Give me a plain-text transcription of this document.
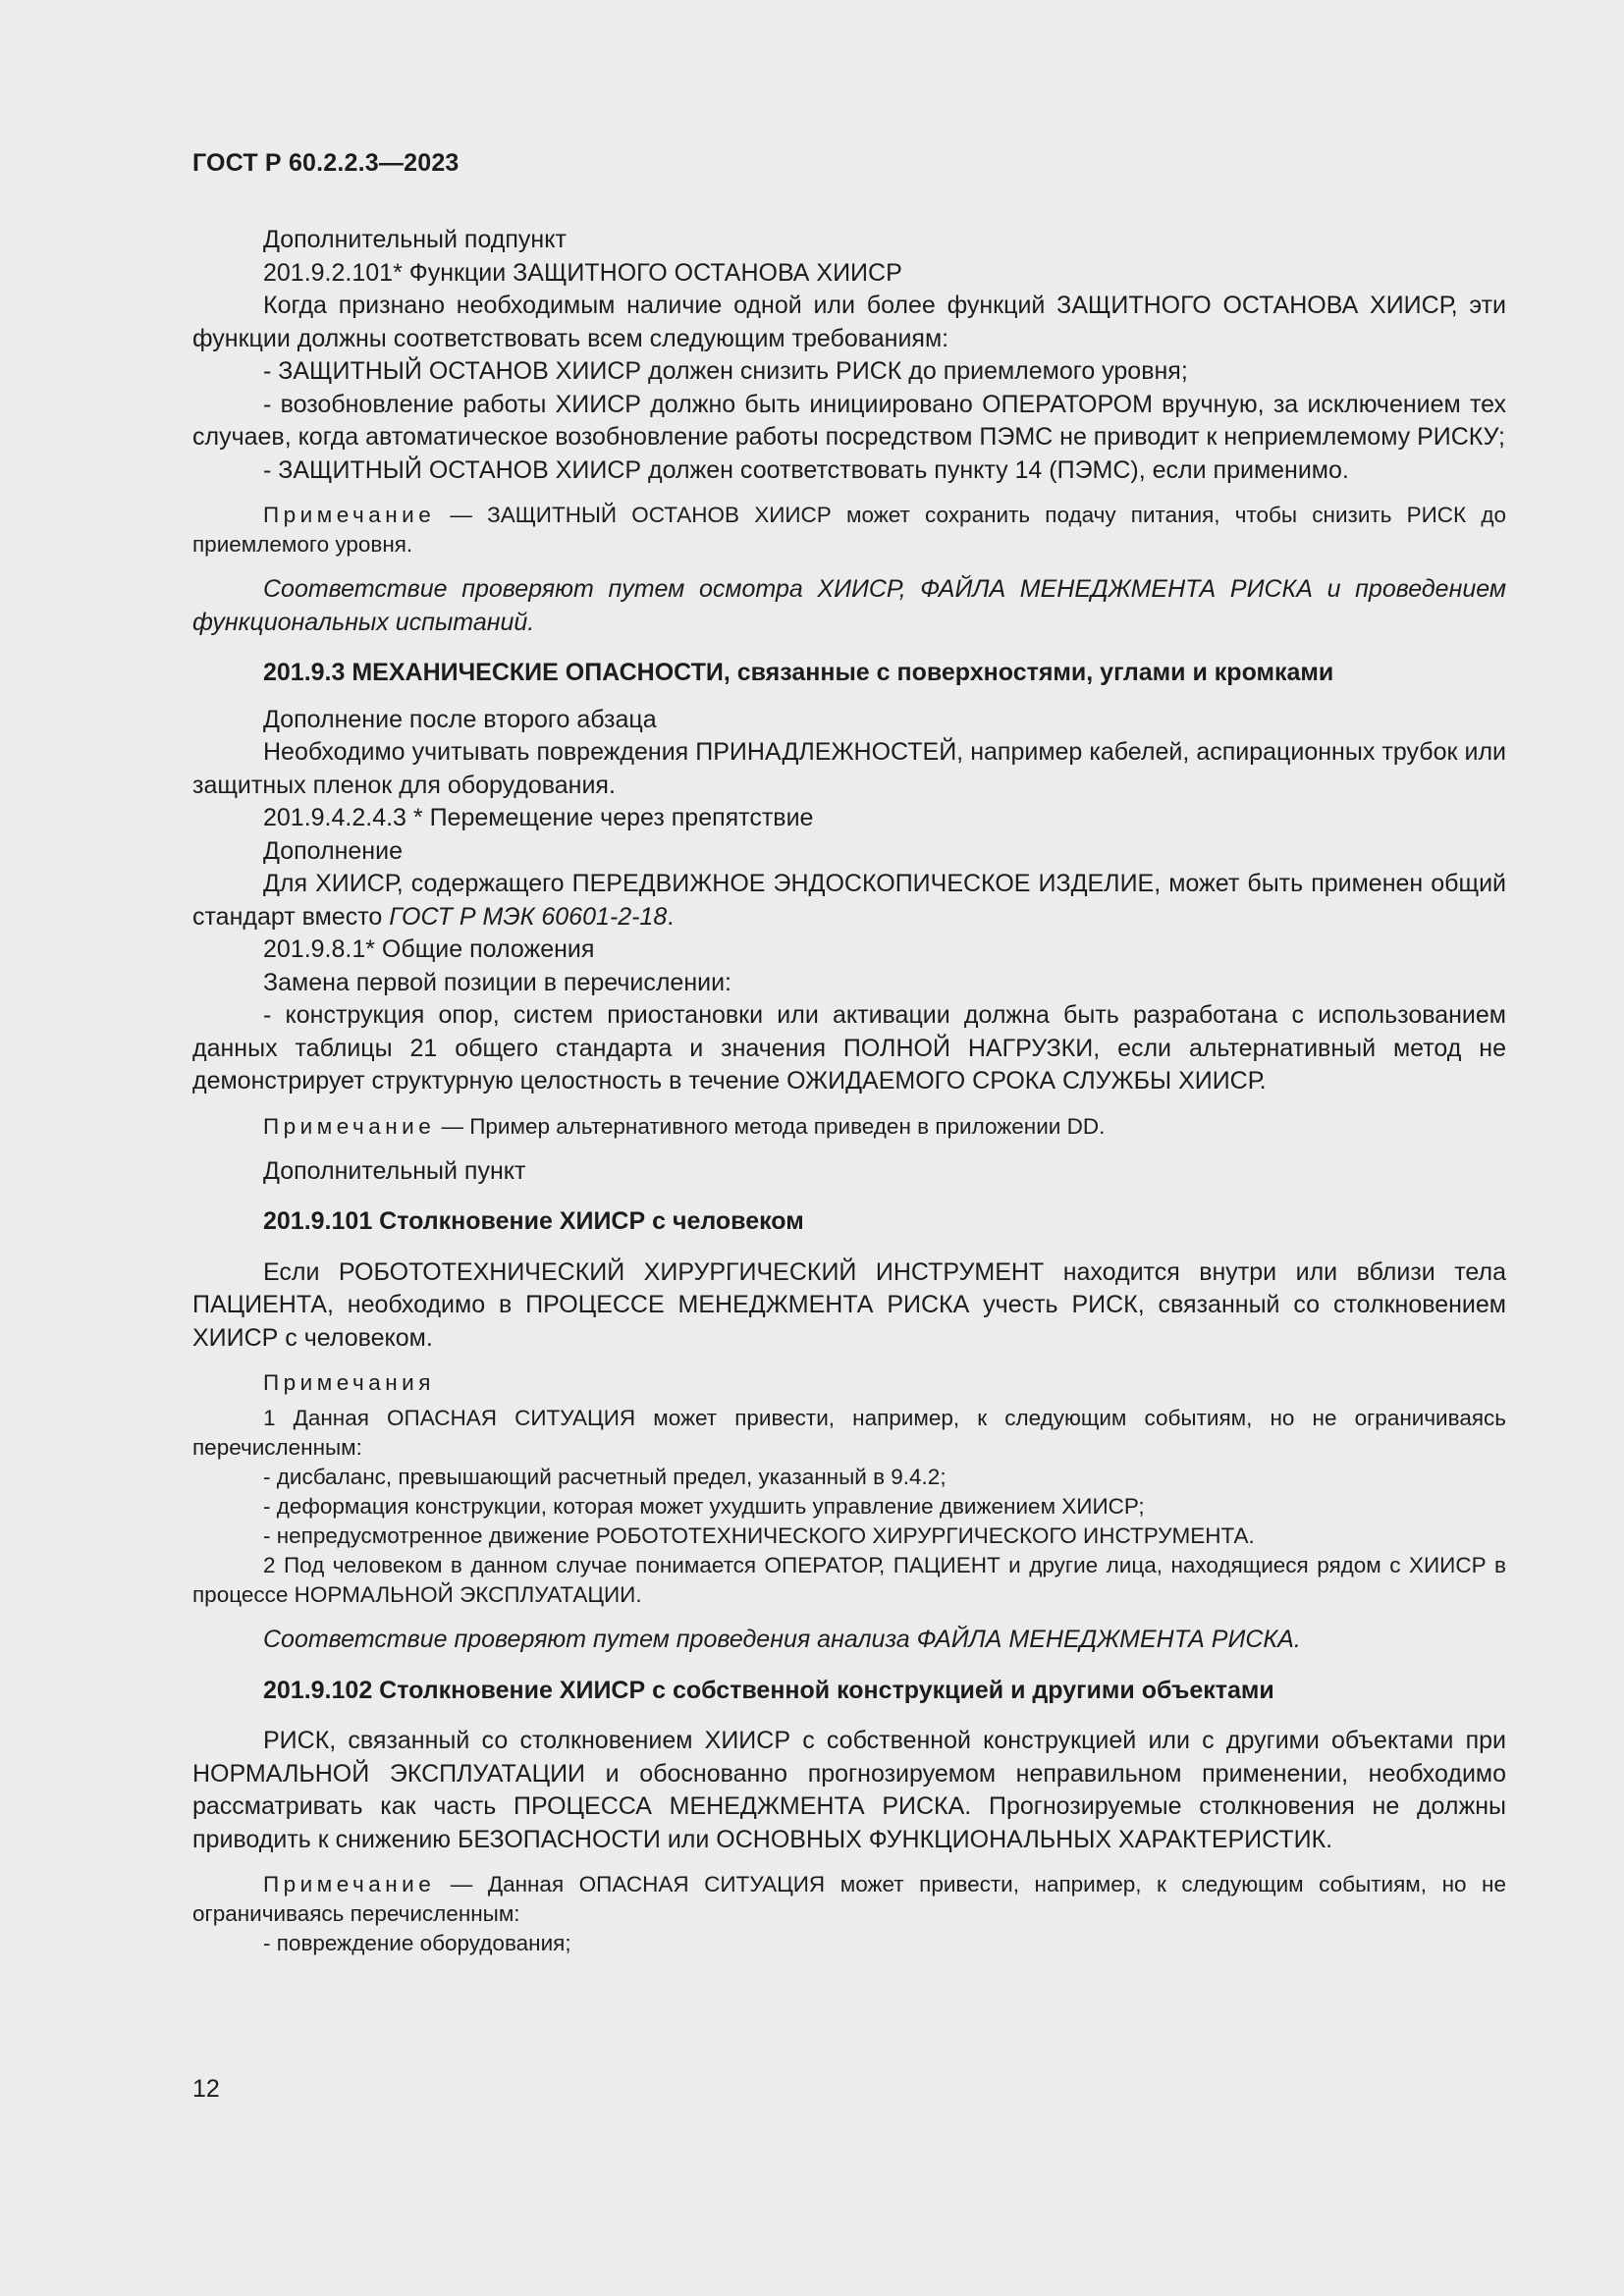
ГОСТ Р 60.2.2.3—2023

Дополнительный подпункт

201.9.2.101* Функции ЗАЩИТНОГО ОСТАНОВА ХИИСР

Когда признано необходимым наличие одной или более функций ЗАЩИТНОГО ОСТАНОВА ХИИСР, эти функции должны соответствовать всем следующим требованиям:

- ЗАЩИТНЫЙ ОСТАНОВ ХИИСР должен снизить РИСК до приемлемого уровня;

- возобновление работы ХИИСР должно быть инициировано ОПЕРАТОРОМ вручную, за исключением тех случаев, когда автоматическое возобновление работы посредством ПЭМС не приводит к неприемлемому РИСКУ;

- ЗАЩИТНЫЙ ОСТАНОВ ХИИСР должен соответствовать пункту 14 (ПЭМС), если применимо.

Примечание — ЗАЩИТНЫЙ ОСТАНОВ ХИИСР может сохранить подачу питания, чтобы снизить РИСК до приемлемого уровня.

Соответствие проверяют путем осмотра ХИИСР, ФАЙЛА МЕНЕДЖМЕНТА РИСКА и проведением функциональных испытаний.

201.9.3 МЕХАНИЧЕСКИЕ ОПАСНОСТИ, связанные с поверхностями, углами и кромками

Дополнение после второго абзаца

Необходимо учитывать повреждения ПРИНАДЛЕЖНОСТЕЙ, например кабелей, аспирационных трубок или защитных пленок для оборудования.

201.9.4.2.4.3 * Перемещение через препятствие

Дополнение

Для ХИИСР, содержащего ПЕРЕДВИЖНОЕ ЭНДОСКОПИЧЕСКОЕ ИЗДЕЛИЕ, может быть применен общий стандарт вместо ГОСТ Р МЭК 60601-2-18.

201.9.8.1* Общие положения

Замена первой позиции в перечислении:

- конструкция опор, систем приостановки или активации должна быть разработана с использованием данных таблицы 21 общего стандарта и значения ПОЛНОЙ НАГРУЗКИ, если альтернативный метод не демонстрирует структурную целостность в течение ОЖИДАЕМОГО СРОКА СЛУЖБЫ ХИИСР.

Примечание — Пример альтернативного метода приведен в приложении DD.

Дополнительный пункт

201.9.101 Столкновение ХИИСР с человеком

Если РОБОТОТЕХНИЧЕСКИЙ ХИРУРГИЧЕСКИЙ ИНСТРУМЕНТ находится внутри или вблизи тела ПАЦИЕНТА, необходимо в ПРОЦЕССЕ МЕНЕДЖМЕНТА РИСКА учесть РИСК, связанный со столкновением ХИИСР с человеком.

Примечания

1 Данная ОПАСНАЯ СИТУАЦИЯ может привести, например, к следующим событиям, но не ограничиваясь перечисленным:

- дисбаланс, превышающий расчетный предел, указанный в 9.4.2;

- деформация конструкции, которая может ухудшить управление движением ХИИСР;

- непредусмотренное движение РОБОТОТЕХНИЧЕСКОГО ХИРУРГИЧЕСКОГО ИНСТРУМЕНТА.

2 Под человеком в данном случае понимается ОПЕРАТОР, ПАЦИЕНТ и другие лица, находящиеся рядом с ХИИСР в процессе НОРМАЛЬНОЙ ЭКСПЛУАТАЦИИ.

Соответствие проверяют путем проведения анализа ФАЙЛА МЕНЕДЖМЕНТА РИСКА.

201.9.102 Столкновение ХИИСР с собственной конструкцией и другими объектами

РИСК, связанный со столкновением ХИИСР с собственной конструкцией или с другими объектами при НОРМАЛЬНОЙ ЭКСПЛУАТАЦИИ и обоснованно прогнозируемом неправильном применении, необходимо рассматривать как часть ПРОЦЕССА МЕНЕДЖМЕНТА РИСКА. Прогнозируемые столкновения не должны приводить к снижению БЕЗОПАСНОСТИ или ОСНОВНЫХ ФУНКЦИОНАЛЬНЫХ ХАРАКТЕРИСТИК.

Примечание — Данная ОПАСНАЯ СИТУАЦИЯ может привести, например, к следующим событиям, но не ограничиваясь перечисленным:

- повреждение оборудования;

12
